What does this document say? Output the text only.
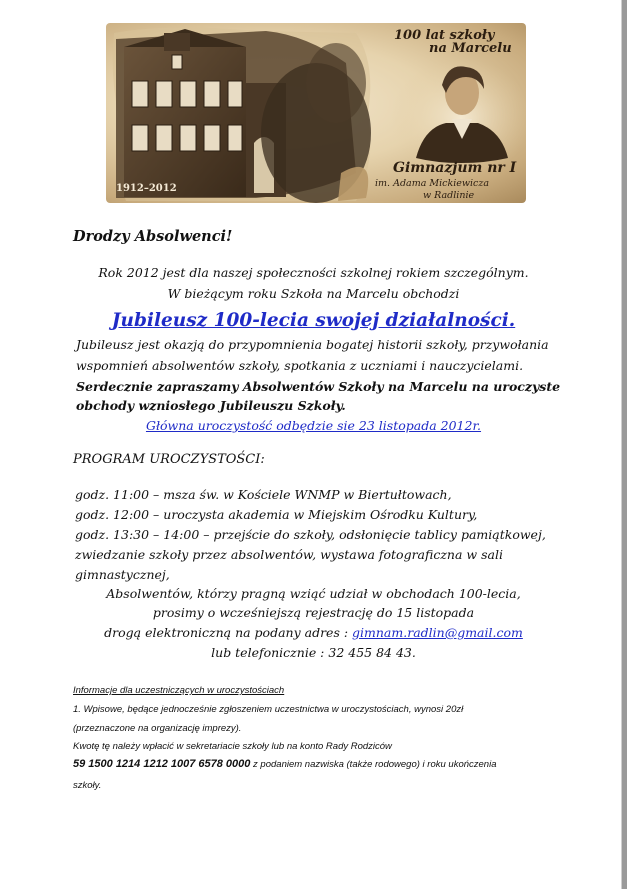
100 lat szkoły
na Marcelu
Gimnazjum nr I
im. Adama Mickiewicza
w Radlinie
1912–2012
Drodzy Absolwenci!
Rok 2012 jest dla naszej społeczności szkolnej rokiem szczególnym.
W bieżącym roku Szkoła na Marcelu obchodzi
Jubileusz 100-lecia swojej działalności.
Jubileusz jest okazją do przypomnienia bogatej historii szkoły, przywołania
wspomnień absolwentów szkoły, spotkania z uczniami i nauczycielami.
Serdecznie zapraszamy Absolwentów Szkoły na Marcelu na uroczyste
obchody wzniosłego Jubileuszu Szkoły.
Główna uroczystość odbędzie sie 23 listopada 2012r.
PROGRAM UROCZYSTOŚCI:
godz. 11:00 – msza św. w Kościele WNMP w Biertułtowach,
godz. 12:00 – uroczysta akademia w Miejskim Ośrodku Kultury,
godz. 13:30 – 14:00 – przejście do szkoły, odsłonięcie tablicy pamiątkowej,
zwiedzanie szkoły przez absolwentów, wystawa fotograficzna w sali
gimnastycznej,
Absolwentów, którzy pragną wziąć udział w obchodach 100-lecia,
prosimy o wcześniejszą rejestrację do 15 listopada
drogą elektroniczną na podany adres : gimnam.radlin@gmail.com
lub telefonicznie : 32 455 84 43.
Informacje dla uczestniczących w uroczystościach
1. Wpisowe, będące jednocześnie zgłoszeniem uczestnictwa w uroczystościach, wynosi 20zł
(przeznaczone na organizację imprezy).
Kwotę tę należy wpłacić w sekretariacie szkoły lub na konto Rady Rodziców
59 1500 1214 1212 1007 6578 0000 z podaniem nazwiska (także rodowego) i roku ukończenia
szkoły.
